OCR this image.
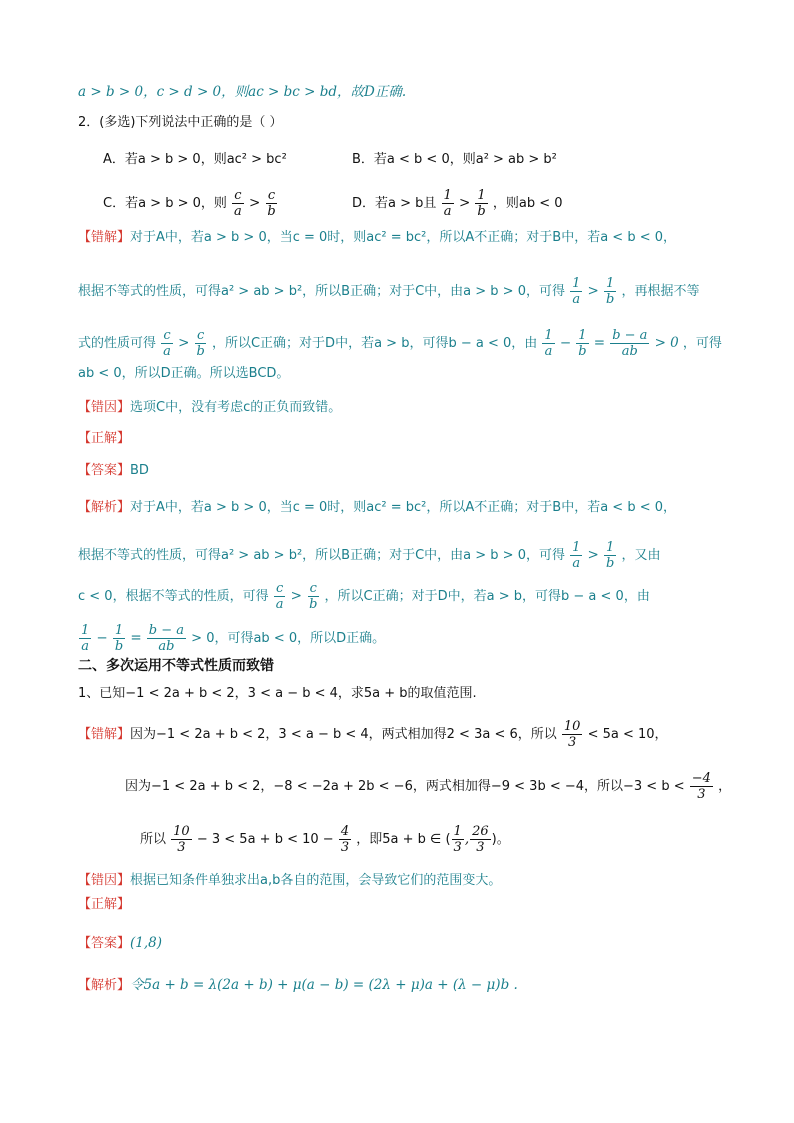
a > b > 0，c > d > 0，则ac > bc > bd，故D正确.
2．(多选)下列说法中正确的是（ ）
A．若a > b > 0，则ac² > bc²	B．若a < b < 0，则a² > ab > b²
C．若a > b > 0，则 $\frac{c}{a} > \frac{c}{b}$	D．若a > b且 $\frac{1}{a} > \frac{1}{b}$ ，则ab < 0
【错解】对于A中，若a > b > 0，当c = 0时，则ac² = bc²，所以A不正确；对于B中，若a < b < 0，
根据不等式的性质，可得a² > ab > b²，所以B正确；对于C中，由a > b > 0，可得 $\frac{1}{a} > \frac{1}{b}$ ，再根据不等
式的性质可得 $\frac{c}{a} > \frac{c}{b}$ ，所以C正确；对于D中，若a > b，可得b − a < 0，由 $\frac{1}{a} - \frac{1}{b} = \frac{b - a}{ab} > 0$ ，可得
ab < 0，所以D正确。所以选BCD。
【错因】选项C中，没有考虑c的正负而致错。
【正解】
【答案】BD
【解析】对于A中，若a > b > 0，当c = 0时，则ac² = bc²，所以A不正确；对于B中，若a < b < 0，
根据不等式的性质，可得a² > ab > b²，所以B正确；对于C中，由a > b > 0，可得 $\frac{1}{a} > \frac{1}{b}$ ，又由
c < 0，根据不等式的性质，可得 $\frac{c}{a} > \frac{c}{b}$ ，所以C正确；对于D中，若a > b，可得b − a < 0，由
$\frac{1}{a} - \frac{1}{b} = \frac{b - a}{ab} > 0$，可得ab < 0，所以D正确。
二、多次运用不等式性质而致错
1、已知−1 < 2a + b < 2，3 < a − b < 4，求5a + b的取值范围.
【错解】因为−1 < 2a + b < 2，3 < a − b < 4，两式相加得2 < 3a < 6，所以 $\frac{10}{3} < 5a < 10$，
因为−1 < 2a + b < 2，−8 < −2a + 2b < −6，两式相加得−9 < 3b < −4，所以$-3 < b < \frac{-4}{3}$ ，
所以 $\frac{10}{3} - 3 < 5a + b < 10 - \frac{4}{3}$ ，即5a + b ∈ ( $\frac{1}{3}$ , $\frac{26}{3}$ )。
【错因】根据已知条件单独求出a,b各自的范围，会导致它们的范围变大。
【正解】
【答案】(1,8)
【解析】令5a + b = λ(2a + b) + μ(a − b) = (2λ + μ)a + (λ − μ)b .
